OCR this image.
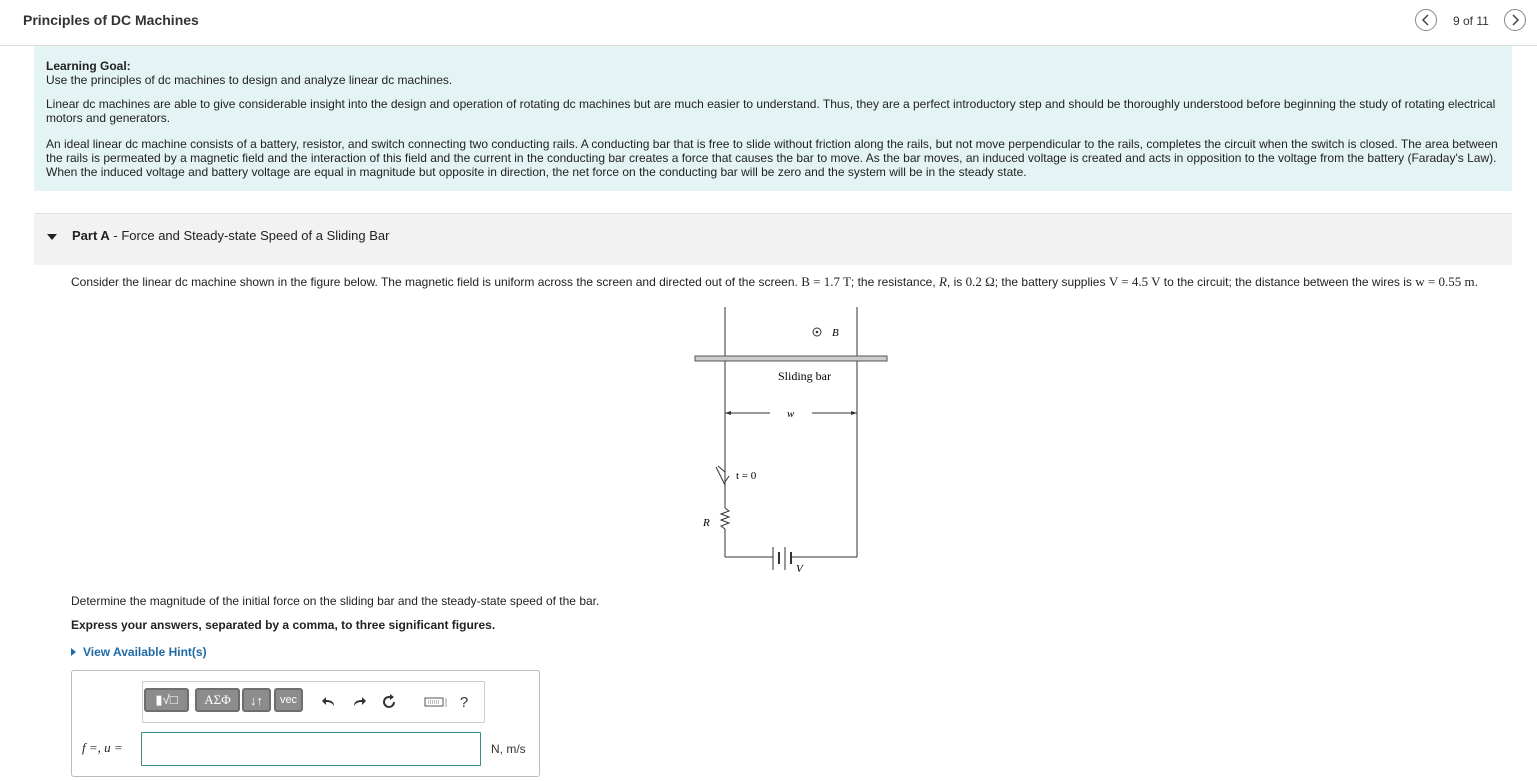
Principles of DC Machines	9 of 11
Learning Goal:

Use the principles of dc machines to design and analyze linear dc machines.

Linear dc machines are able to give considerable insight into the design and operation of rotating dc machines but are much easier to understand. Thus, they are a perfect introductory step and should be thoroughly understood before beginning the study of rotating electrical motors and generators.

An ideal linear dc machine consists of a battery, resistor, and switch connecting two conducting rails. A conducting bar that is free to slide without friction along the rails, but not move perpendicular to the rails, completes the circuit when the switch is closed. The area between the rails is permeated by a magnetic field and the interaction of this field and the current in the conducting bar creates a force that causes the bar to move. As the bar moves, an induced voltage is created and acts in opposition to the voltage from the battery (Faraday's Law). When the induced voltage and battery voltage are equal in magnitude but opposite in direction, the net force on the conducting bar will be zero and the system will be in the steady state.

Part A - Force and Steady-state Speed of a Sliding Bar
Consider the linear dc machine shown in the figure below. The magnetic field is uniform across the screen and directed out of the screen. B = 1.7 T; the resistance, R, is 0.2 Ω; the battery supplies V = 4.5 V to the circuit; the distance between the wires is w = 0.55 m.
B
Sliding bar
w
t = 0
R
V
Determine the magnitude of the initial force on the sliding bar and the steady-state speed of the bar.
Express your answers, separated by a comma, to three significant figures.
View Available Hint(s)
▮√□	ΑΣΦ	↓↑	vec	?
f =, u =	N, m/s
